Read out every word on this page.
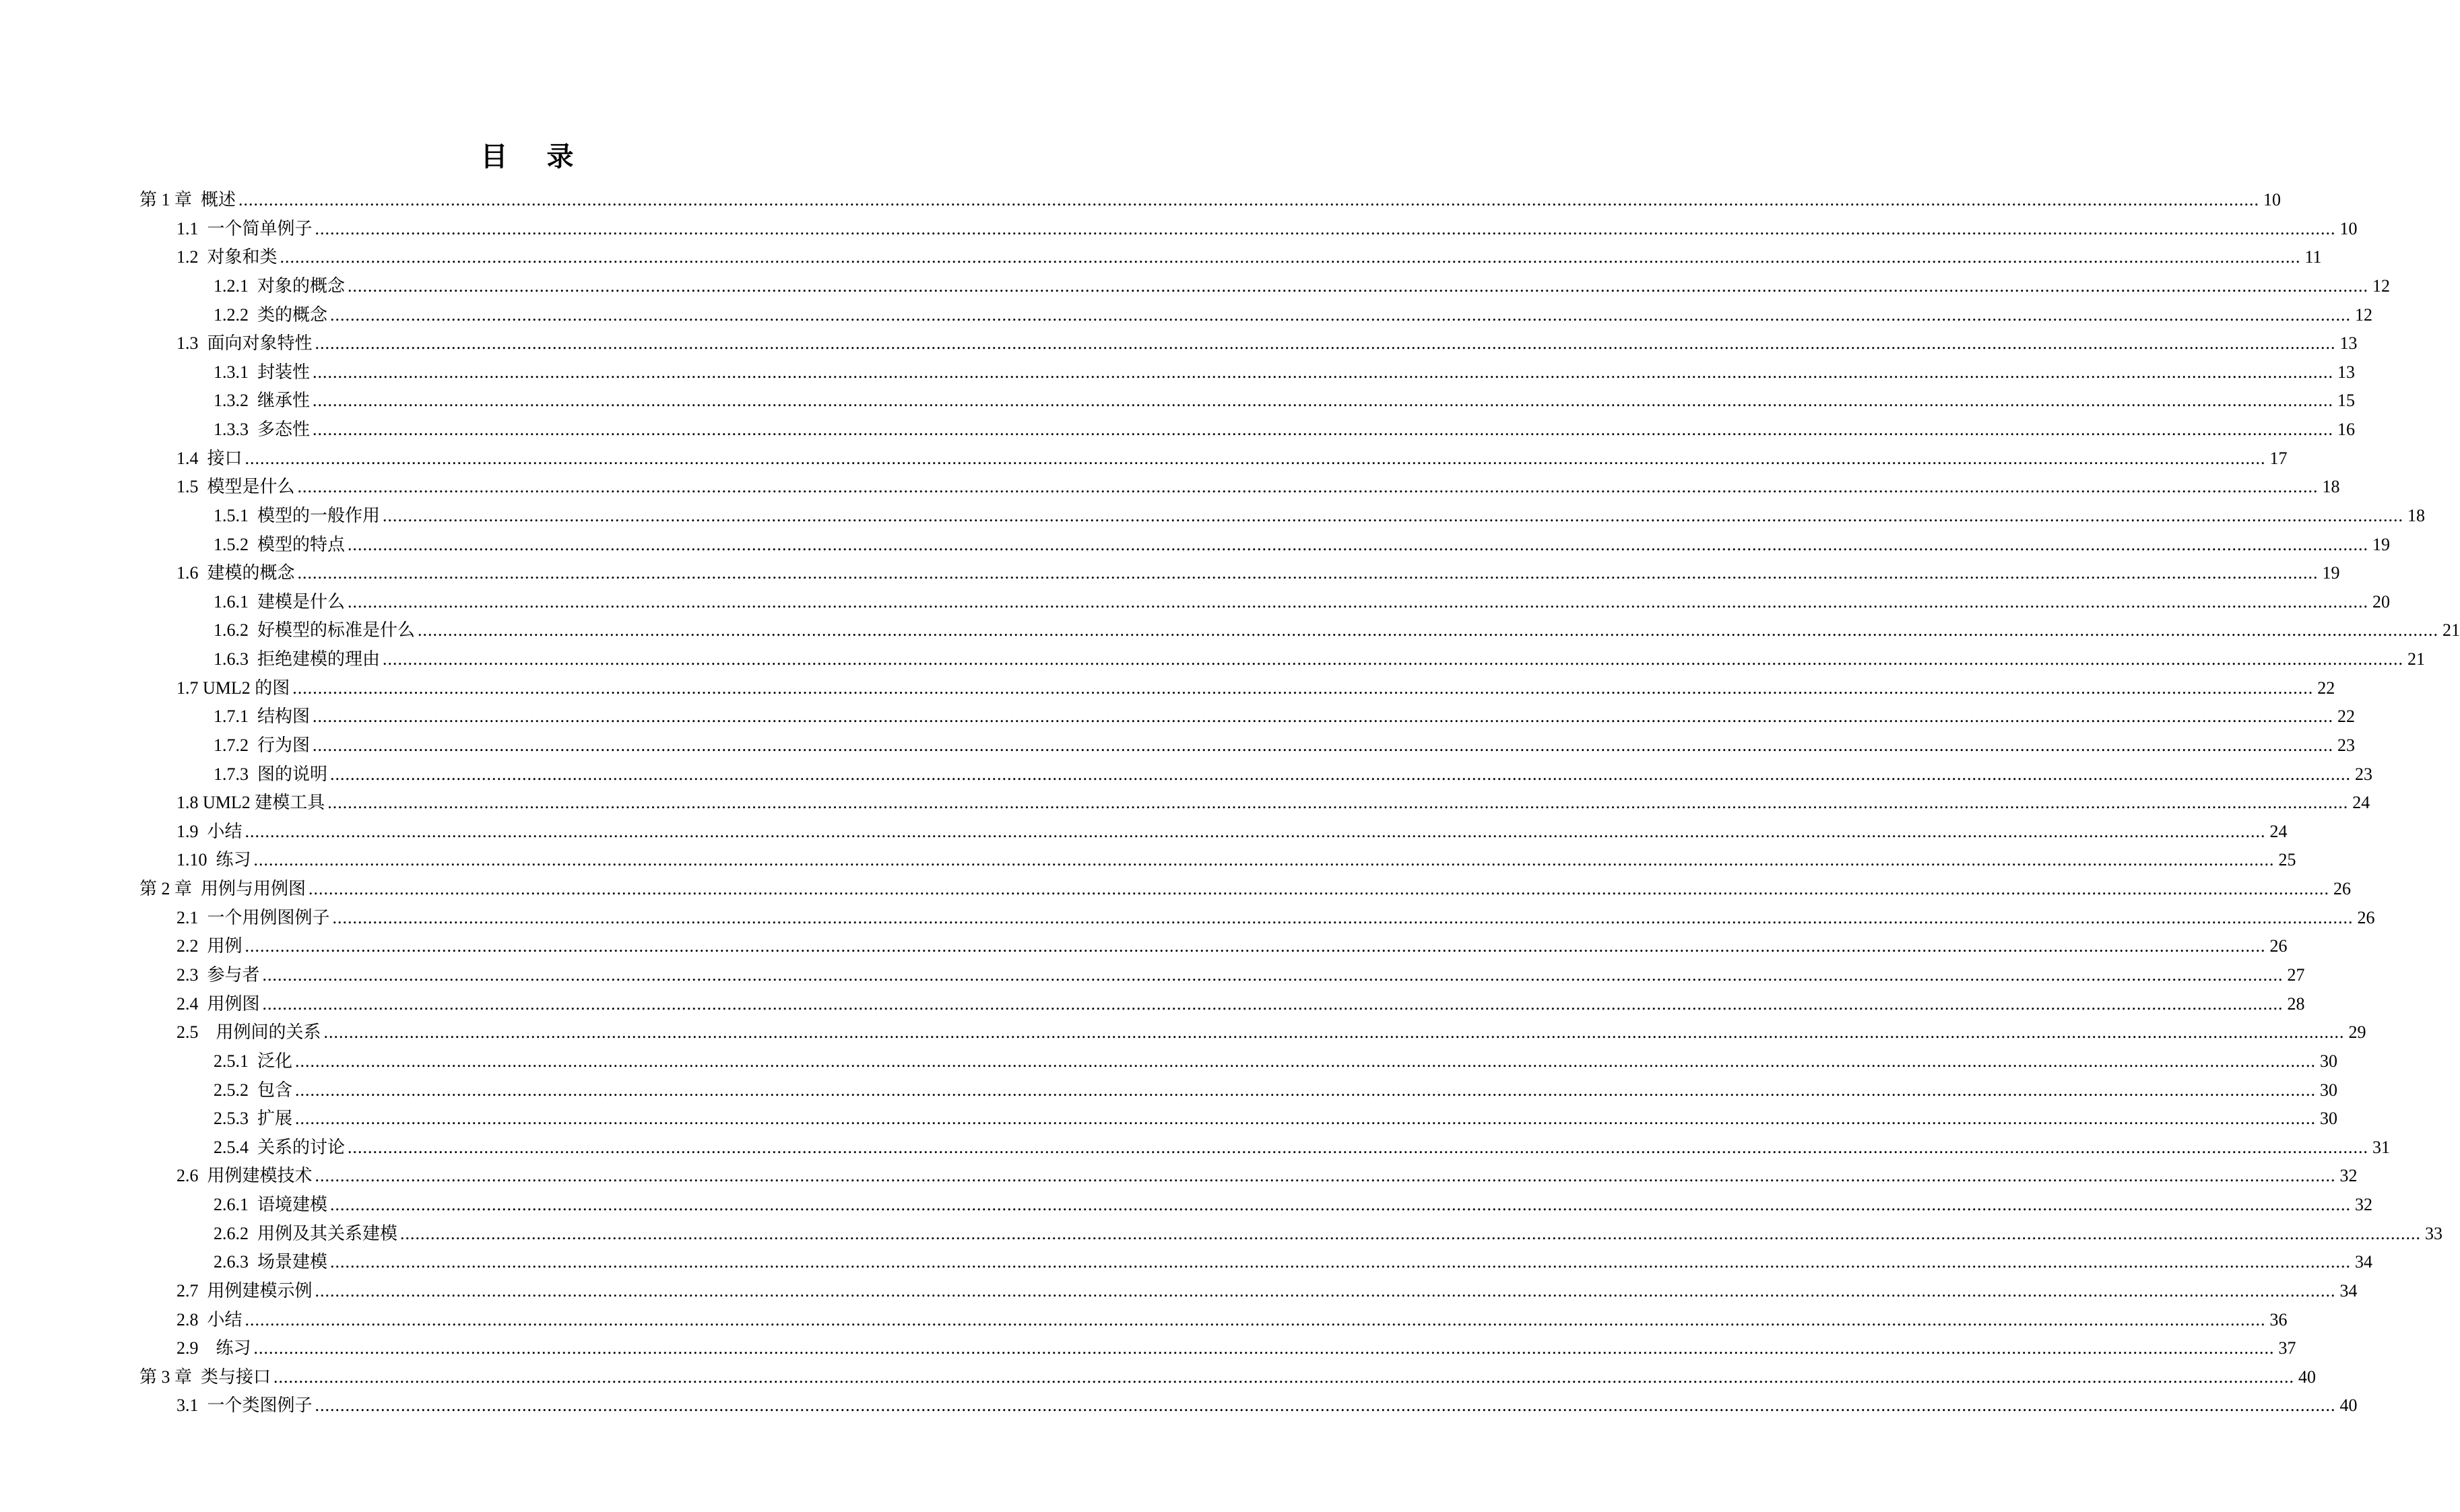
目 录
第 1 章  概述 ................................................................................................................................................................................................................................................................................................................................................................................................................ 10
1.1  一个简单例子 ................................................................................................................................................................................................................................................................................................................................................................................................................ 10
1.2  对象和类 ................................................................................................................................................................................................................................................................................................................................................................................................................ 11
1.2.1  对象的概念 ................................................................................................................................................................................................................................................................................................................................................................................................................ 12
1.2.2  类的概念 ................................................................................................................................................................................................................................................................................................................................................................................................................ 12
1.3  面向对象特性 ................................................................................................................................................................................................................................................................................................................................................................................................................ 13
1.3.1  封装性 ................................................................................................................................................................................................................................................................................................................................................................................................................ 13
1.3.2  继承性 ................................................................................................................................................................................................................................................................................................................................................................................................................ 15
1.3.3  多态性 ................................................................................................................................................................................................................................................................................................................................................................................................................ 16
1.4  接口 ................................................................................................................................................................................................................................................................................................................................................................................................................ 17
1.5  模型是什么 ................................................................................................................................................................................................................................................................................................................................................................................................................ 18
1.5.1  模型的一般作用 ................................................................................................................................................................................................................................................................................................................................................................................................................ 18
1.5.2  模型的特点 ................................................................................................................................................................................................................................................................................................................................................................................................................ 19
1.6  建模的概念 ................................................................................................................................................................................................................................................................................................................................................................................................................ 19
1.6.1  建模是什么 ................................................................................................................................................................................................................................................................................................................................................................................................................ 20
1.6.2  好模型的标准是什么 ................................................................................................................................................................................................................................................................................................................................................................................................................ 21
1.6.3  拒绝建模的理由 ................................................................................................................................................................................................................................................................................................................................................................................................................ 21
1.7 UML2 的图 ................................................................................................................................................................................................................................................................................................................................................................................................................ 22
1.7.1  结构图 ................................................................................................................................................................................................................................................................................................................................................................................................................ 22
1.7.2  行为图 ................................................................................................................................................................................................................................................................................................................................................................................................................ 23
1.7.3  图的说明 ................................................................................................................................................................................................................................................................................................................................................................................................................ 23
1.8 UML2 建模工具 ................................................................................................................................................................................................................................................................................................................................................................................................................ 24
1.9  小结 ................................................................................................................................................................................................................................................................................................................................................................................................................ 24
1.10  练习 ................................................................................................................................................................................................................................................................................................................................................................................................................ 25
第 2 章  用例与用例图 ................................................................................................................................................................................................................................................................................................................................................................................................................ 26
2.1  一个用例图例子 ................................................................................................................................................................................................................................................................................................................................................................................................................ 26
2.2  用例 ................................................................................................................................................................................................................................................................................................................................................................................................................ 26
2.3  参与者 ................................................................................................................................................................................................................................................................................................................................................................................................................ 27
2.4  用例图 ................................................................................................................................................................................................................................................................................................................................................................................................................ 28
2.5    用例间的关系 ................................................................................................................................................................................................................................................................................................................................................................................................................ 29
2.5.1  泛化 ................................................................................................................................................................................................................................................................................................................................................................................................................ 30
2.5.2  包含 ................................................................................................................................................................................................................................................................................................................................................................................................................ 30
2.5.3  扩展 ................................................................................................................................................................................................................................................................................................................................................................................................................ 30
2.5.4  关系的讨论 ................................................................................................................................................................................................................................................................................................................................................................................................................ 31
2.6  用例建模技术 ................................................................................................................................................................................................................................................................................................................................................................................................................ 32
2.6.1  语境建模 ................................................................................................................................................................................................................................................................................................................................................................................................................ 32
2.6.2  用例及其关系建模 ................................................................................................................................................................................................................................................................................................................................................................................................................ 33
2.6.3  场景建模 ................................................................................................................................................................................................................................................................................................................................................................................................................ 34
2.7  用例建模示例 ................................................................................................................................................................................................................................................................................................................................................................................................................ 34
2.8  小结 ................................................................................................................................................................................................................................................................................................................................................................................................................ 36
2.9    练习 ................................................................................................................................................................................................................................................................................................................................................................................................................ 37
第 3 章  类与接口 ................................................................................................................................................................................................................................................................................................................................................................................................................ 40
3.1  一个类图例子 ................................................................................................................................................................................................................................................................................................................................................................................................................ 40
